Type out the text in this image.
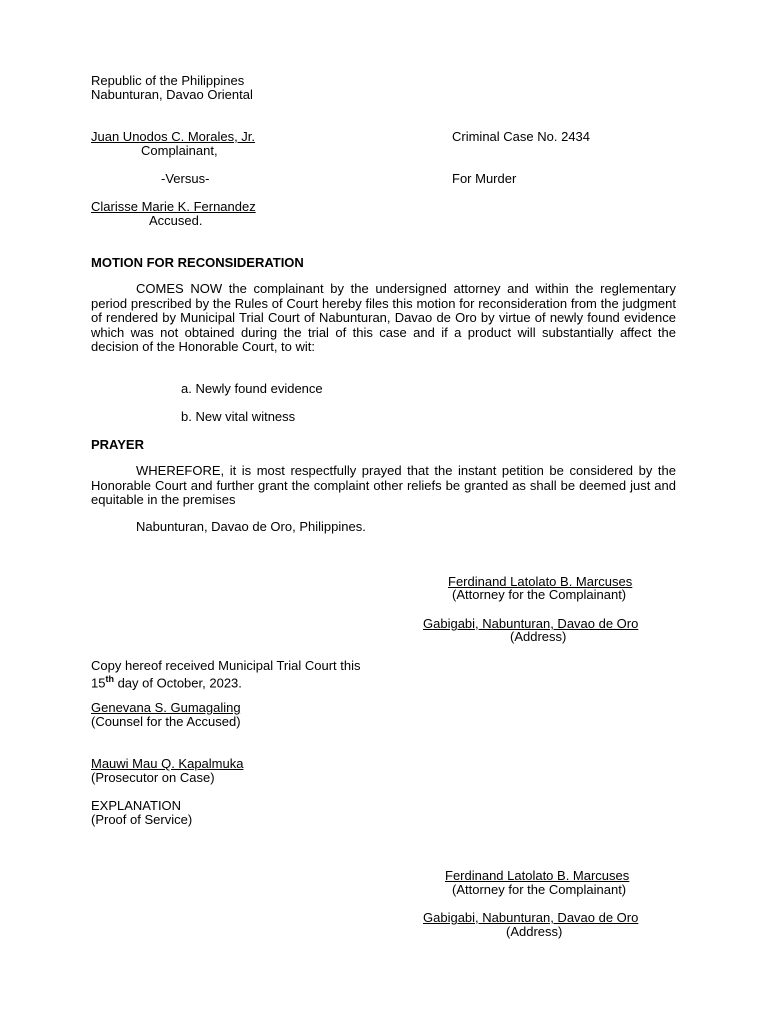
Republic of the Philippines
Nabunturan, Davao Oriental
Juan Unodos C. Morales, Jr.
Complainant,
-Versus-
Clarisse Marie K. Fernandez
Accused.
Criminal Case No. 2434
For Murder
MOTION FOR RECONSIDERATION
COMES NOW the complainant by the undersigned attorney and within the reglementary period prescribed by the Rules of Court hereby files this motion for reconsideration from the judgment of rendered by Municipal Trial Court of Nabunturan, Davao de Oro by virtue of newly found evidence which was not obtained during the trial of this case and if a product will substantially affect the decision of the Honorable Court, to wit:
a. Newly found evidence
b. New vital witness
PRAYER
WHEREFORE, it is most respectfully prayed that the instant petition be considered by the Honorable Court and further grant the complaint other reliefs be granted as shall be deemed just and equitable in the premises
Nabunturan, Davao de Oro, Philippines.
Ferdinand Latolato B. Marcuses
(Attorney for the Complainant)
Gabigabi, Nabunturan, Davao de Oro
(Address)
Copy hereof received Municipal Trial Court this
15th day of October, 2023.
Genevana S. Gumagaling
(Counsel for the Accused)
Mauwi Mau Q. Kapalmuka
(Prosecutor on Case)
EXPLANATION
(Proof of Service)
Ferdinand Latolato B. Marcuses
(Attorney for the Complainant)
Gabigabi, Nabunturan, Davao de Oro
(Address)
